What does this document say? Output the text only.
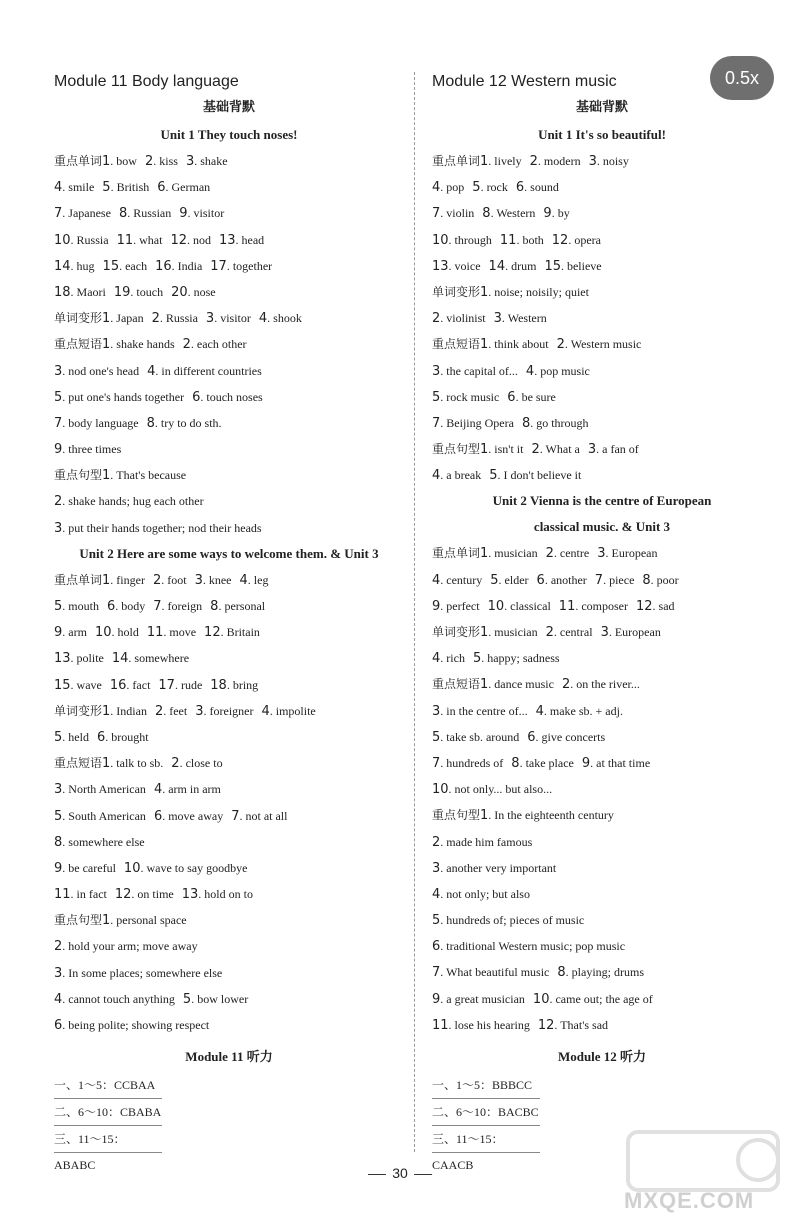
0.5x
Module 11 Body language
基础背默
Unit 1 They touch noses!
重点单词1. bow 2. kiss 3. shake
4. smile 5. British 6. German
7. Japanese 8. Russian 9. visitor
10. Russia 11. what 12. nod 13. head
14. hug 15. each 16. India 17. together
18. Maori 19. touch 20. nose
单词变形1. Japan 2. Russia 3. visitor 4. shook
重点短语1. shake hands 2. each other
3. nod one's head 4. in different countries
5. put one's hands together 6. touch noses
7. body language 8. try to do sth.
9. three times
重点句型1. That's because
2. shake hands; hug each other
3. put their hands together; nod their heads
Unit 2 Here are some ways to welcome them. & Unit 3
重点单词1. finger 2. foot 3. knee 4. leg
5. mouth 6. body 7. foreign 8. personal
9. arm 10. hold 11. move 12. Britain
13. polite 14. somewhere
15. wave 16. fact 17. rude 18. bring
单词变形1. Indian 2. feet 3. foreigner 4. impolite
5. held 6. brought
重点短语1. talk to sb. 2. close to
3. North American 4. arm in arm
5. South American 6. move away 7. not at all
8. somewhere else
9. be careful 10. wave to say goodbye
11. in fact 12. on time 13. hold on to
重点句型1. personal space
2. hold your arm; move away
3. In some places; somewhere else
4. cannot touch anything 5. bow lower
6. being polite; showing respect
Module 11 听力
一、1～5：CCBAA
二、6～10：CBABA
三、11～15：ABABC
Module 12 Western music
基础背默
Unit 1 It's so beautiful!
重点单词1. lively 2. modern 3. noisy
4. pop 5. rock 6. sound
7. violin 8. Western 9. by
10. through 11. both 12. opera
13. voice 14. drum 15. believe
单词变形1. noise; noisily; quiet
2. violinist 3. Western
重点短语1. think about 2. Western music
3. the capital of... 4. pop music
5. rock music 6. be sure
7. Beijing Opera 8. go through
重点句型1. isn't it 2. What a 3. a fan of
4. a break 5. I don't believe it
Unit 2 Vienna is the centre of European
classical music. & Unit 3
重点单词1. musician 2. centre 3. European
4. century 5. elder 6. another 7. piece 8. poor
9. perfect 10. classical 11. composer 12. sad
单词变形1. musician 2. central 3. European
4. rich 5. happy; sadness
重点短语1. dance music 2. on the river...
3. in the centre of... 4. make sb. + adj.
5. take sb. around 6. give concerts
7. hundreds of 8. take place 9. at that time
10. not only... but also...
重点句型1. In the eighteenth century
2. made him famous
3. another very important
4. not only; but also
5. hundreds of; pieces of music
6. traditional Western music; pop music
7. What beautiful music 8. playing; drums
9. a great musician 10. came out; the age of
11. lose his hearing 12. That's sad
Module 12 听力
一、1～5：BBBCC
二、6～10：BACBC
三、11～15：CAACB
30
MXQE.COM
